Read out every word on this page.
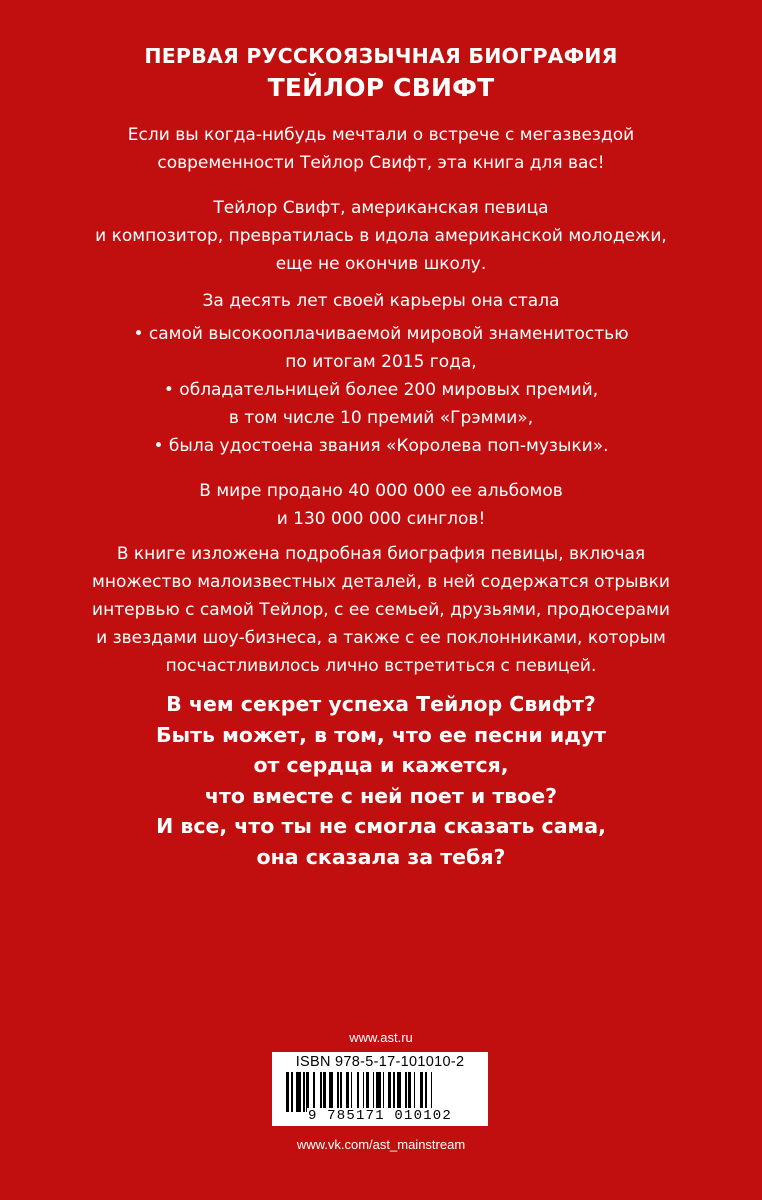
ПЕРВАЯ РУССКОЯЗЫЧНАЯ БИОГРАФИЯ
ТЕЙЛОР СВИФТ
Если вы когда-нибудь мечтали о встрече с мегазвездой
современности Тейлор Свифт, эта книга для вас!
Тейлор Свифт, американская певица
и композитор, превратилась в идола американской молодежи,
еще не окончив школу.
За десять лет своей карьеры она стала
• самой высокооплачиваемой мировой знаменитостью
по итогам 2015 года,
• обладательницей более 200 мировых премий,
в том числе 10 премий «Грэмми»,
• была удостоена звания «Королева поп-музыки».
В мире продано 40 000 000 ее альбомов
и 130 000 000 синглов!
В книге изложена подробная биография певицы, включая
множество малоизвестных деталей, в ней содержатся отрывки
интервью с самой Тейлор, с ее семьей, друзьями, продюсерами
и звездами шоу-бизнеса, а также с ее поклонниками, которым
посчастливилось лично встретиться с певицей.
В чем секрет успеха Тейлор Свифт?
Быть может, в том, что ее песни идут
от сердца и кажется,
что вместе с ней поет и твое?
И все, что ты не смогла сказать сама,
она сказала за тебя?
www.ast.ru
ISBN 978-5-17-101010-2
9 785171 010102
www.vk.com/ast_mainstream
